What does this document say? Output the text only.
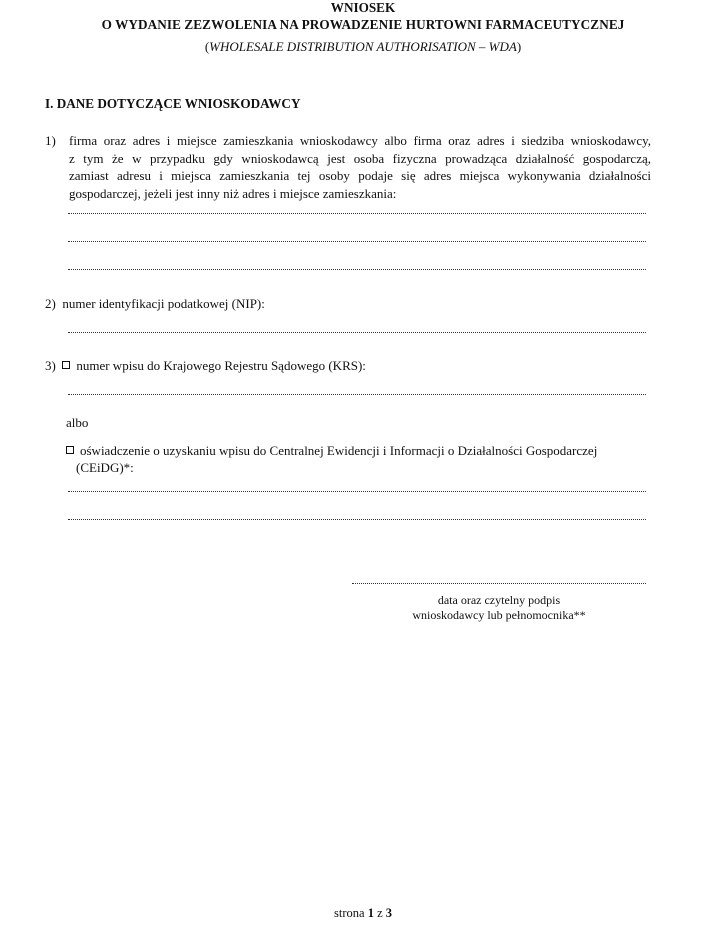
WNIOSEK
O WYDANIE ZEZWOLENIA NA PROWADZENIE HURTOWNI FARMACEUTYCZNEJ
(WHOLESALE DISTRIBUTION AUTHORISATION – WDA)
I. DANE DOTYCZĄCE WNIOSKODAWCY
1) firma oraz adres i miejsce zamieszkania wnioskodawcy albo firma oraz adres i siedziba wnioskodawcy,
z tym że w przypadku gdy wnioskodawcą jest osoba fizyczna prowadząca działalność gospodarczą,
zamiast adresu i miejsca zamieszkania tej osoby podaje się adres miejsca wykonywania działalności
gospodarczej, jeżeli jest inny niż adres i miejsce zamieszkania:
2) numer identyfikacji podatkowej (NIP):
3) numer wpisu do Krajowego Rejestru Sądowego (KRS):
albo
oświadczenie o uzyskaniu wpisu do Centralnej Ewidencji i Informacji o Działalności Gospodarczej
(CEiDG)*:
data oraz czytelny podpis
wnioskodawcy lub pełnomocnika**
strona 1 z 3
